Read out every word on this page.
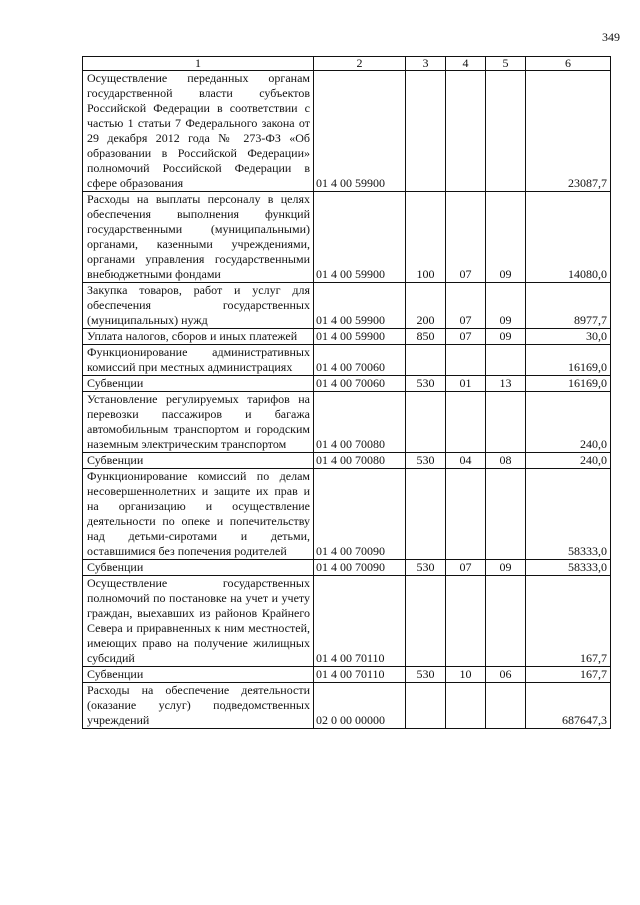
349
1	2	3	4	5	6
Осуществление переданных органам государственной власти субъектов Российской Федерации в соответствии с частью 1 статьи 7 Федерального закона от 29 декабря 2012 года № 273-ФЗ «Об образовании в Российской Федерации» полномочий Российской Федерации в сфере образования	01 4 00 59900				23087,7
Расходы на выплаты персоналу в целях обеспечения выполнения функций государственными (муниципальными) органами, казенными учреждениями, органами управления государственными внебюджетными фондами	01 4 00 59900	100	07	09	14080,0
Закупка товаров, работ и услуг для обеспечения государственных (муниципальных) нужд	01 4 00 59900	200	07	09	8977,7
Уплата налогов, сборов и иных платежей	01 4 00 59900	850	07	09	30,0
Функционирование административных комиссий при местных администрациях	01 4 00 70060				16169,0
Субвенции	01 4 00 70060	530	01	13	16169,0
Установление регулируемых тарифов на перевозки пассажиров и багажа автомобильным транспортом и городским наземным электрическим транспортом	01 4 00 70080				240,0
Субвенции	01 4 00 70080	530	04	08	240,0
Функционирование комиссий по делам несовершеннолетних и защите их прав и на организацию и осуществление деятельности по опеке и попечительству над детьми-сиротами и детьми, оставшимися без попечения родителей	01 4 00 70090				58333,0
Субвенции	01 4 00 70090	530	07	09	58333,0
Осуществление государственных полномочий по постановке на учет и учету граждан, выехавших из районов Крайнего Севера и приравненных к ним местностей, имеющих право на получение жилищных субсидий	01 4 00 70110				167,7
Субвенции	01 4 00 70110	530	10	06	167,7
Расходы на обеспечение деятельности (оказание услуг) подведомственных учреждений	02 0 00 00000				687647,3
